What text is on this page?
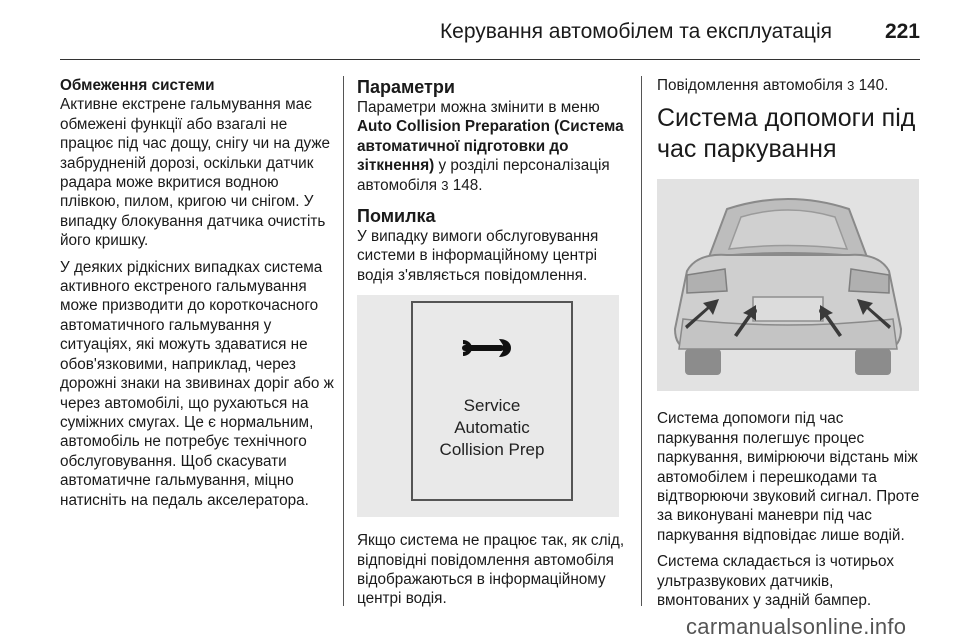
Керування автомобілем та експлуатація	221
Обмеження системи

Активне екстрене гальмування має обмежені функції або взагалі не працює під час дощу, снігу чи на дуже забрудненій дорозі, оскільки датчик радара може вкритися водною плівкою, пилом, кригою чи снігом. У випадку блокування датчика очистіть його кришку.

У деяких рідкісних випадках система активного екстреного гальмування може призводити до короткочасного автоматичного гальмування у ситуаціях, які можуть здаватися не обов'язковими, наприклад, через дорожні знаки на звивинах доріг або ж через автомобілі, що рухаються на суміжних смугах. Це є нормальним, автомобіль не потребує технічного обслуговування. Щоб скасувати автоматичне гальмування, міцно натисніть на педаль акселератора.

Параметри

Параметри можна змінити в меню Auto Collision Preparation (Система автоматичної підготовки до зіткнення) у розділі персоналізація автомобіля 3 148.

Помилка

У випадку вимоги обслуговування системи в інформаційному центрі водія з'являється повідомлення.

Service
Automatic
Collision Prep

Якщо система не працює так, як слід, відповідні повідомлення автомобіля відображаються в інформаційному центрі водія.

Повідомлення автомобіля 3 140.

Система допомоги під час паркування

Система допомоги під час паркування полегшує процес паркування, вимірюючи відстань між автомобілем і перешкодами та відтворюючи звуковий сигнал. Проте за виконувані маневри під час паркування відповідає лише водій.

Система складається із чотирьох ультразвукових датчиків, вмонтованих у задній бампер.

carmanualsonline.info
